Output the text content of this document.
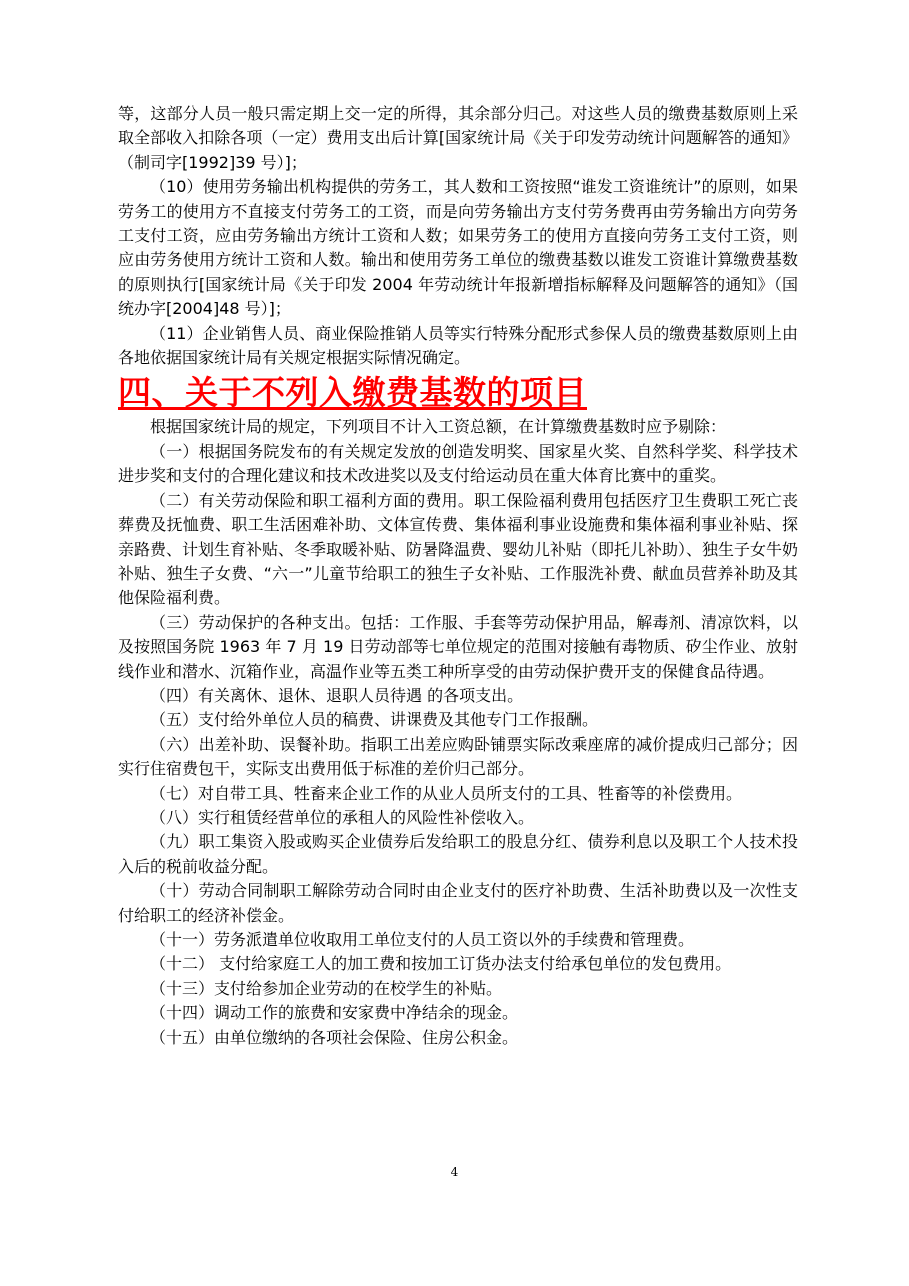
等，这部分人员一般只需定期上交一定的所得，其余部分归己。对这些人员的缴费基数原则上采取全部收入扣除各项（一定）费用支出后计算[国家统计局《关于印发劳动统计问题解答的通知》（制司字[1992]39 号）]；

（10）使用劳务输出机构提供的劳务工，其人数和工资按照“谁发工资谁统计”的原则，如果劳务工的使用方不直接支付劳务工的工资，而是向劳务输出方支付劳务费再由劳务输出方向劳务工支付工资，应由劳务输出方统计工资和人数；如果劳务工的使用方直接向劳务工支付工资，则应由劳务使用方统计工资和人数。输出和使用劳务工单位的缴费基数以谁发工资谁计算缴费基数的原则执行[国家统计局《关于印发 2004 年劳动统计年报新增指标解释及问题解答的通知》（国统办字[2004]48 号）]；

（11）企业销售人员、商业保险推销人员等实行特殊分配形式参保人员的缴费基数原则上由各地依据国家统计局有关规定根据实际情况确定。

四、关于不列入缴费基数的项目

根据国家统计局的规定，下列项目不计入工资总额，在计算缴费基数时应予剔除：

（一）根据国务院发布的有关规定发放的创造发明奖、国家星火奖、自然科学奖、科学技术进步奖和支付的合理化建议和技术改进奖以及支付给运动员在重大体育比赛中的重奖。

（二）有关劳动保险和职工福利方面的费用。职工保险福利费用包括医疗卫生费职工死亡丧葬费及抚恤费、职工生活困难补助、文体宣传费、集体福利事业设施费和集体福利事业补贴、探亲路费、计划生育补贴、冬季取暖补贴、防暑降温费、婴幼儿补贴（即托儿补助）、独生子女牛奶补贴、独生子女费、“六一”儿童节给职工的独生子女补贴、工作服洗补费、献血员营养补助及其他保险福利费。

（三）劳动保护的各种支出。包括：工作服、手套等劳动保护用品，解毒剂、清凉饮料，以及按照国务院 1963 年 7 月 19 日劳动部等七单位规定的范围对接触有毒物质、矽尘作业、放射线作业和潜水、沉箱作业，高温作业等五类工种所享受的由劳动保护费开支的保健食品待遇。

（四）有关离休、退休、退职人员待遇 的各项支出。

（五）支付给外单位人员的稿费、讲课费及其他专门工作报酬。

（六）出差补助、误餐补助。指职工出差应购卧铺票实际改乘座席的减价提成归己部分；因实行住宿费包干，实际支出费用低于标准的差价归己部分。

（七）对自带工具、牲畜来企业工作的从业人员所支付的工具、牲畜等的补偿费用。

（八）实行租赁经营单位的承租人的风险性补偿收入。

（九）职工集资入股或购买企业债券后发给职工的股息分红、债券利息以及职工个人技术投入后的税前收益分配。

（十）劳动合同制职工解除劳动合同时由企业支付的医疗补助费、生活补助费以及一次性支付给职工的经济补偿金。

（十一）劳务派遣单位收取用工单位支付的人员工资以外的手续费和管理费。

（十二） 支付给家庭工人的加工费和按加工订货办法支付给承包单位的发包费用。

（十三）支付给参加企业劳动的在校学生的补贴。

（十四）调动工作的旅费和安家费中净结余的现金。

（十五）由单位缴纳的各项社会保险、住房公积金。

4
